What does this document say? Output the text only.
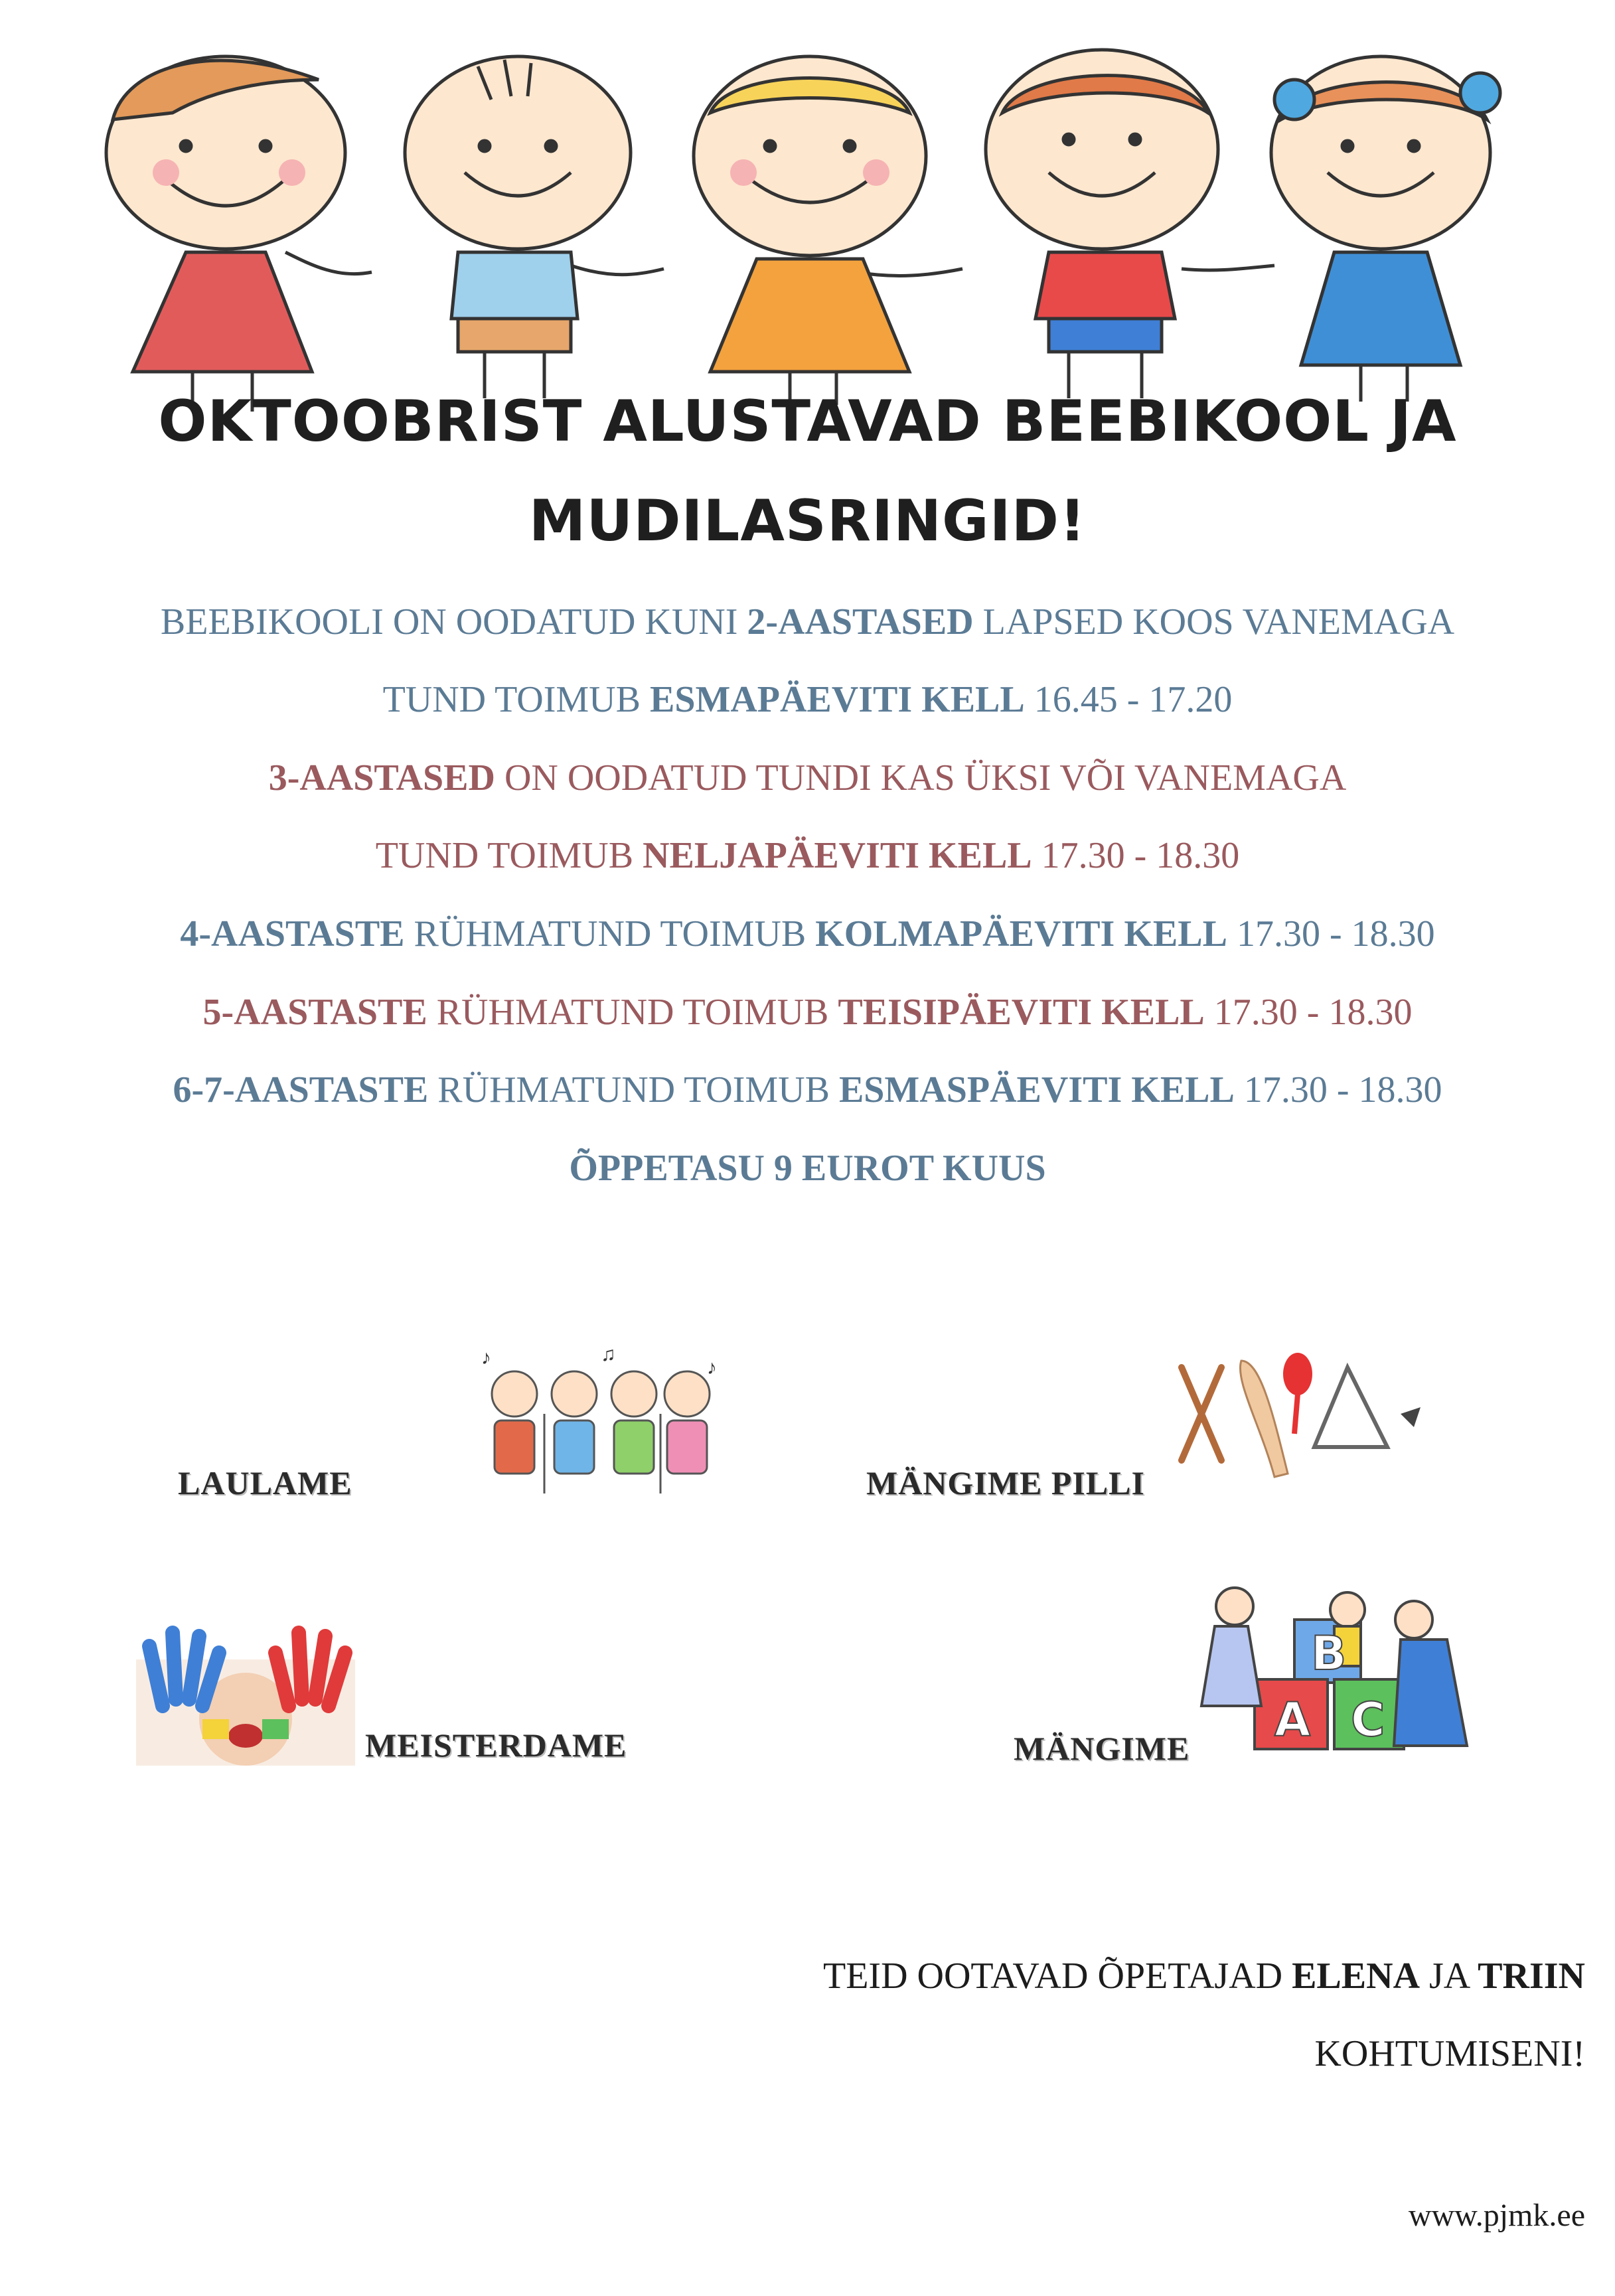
OKTOOBRIST ALUSTAVAD BEEBIKOOL JA
MUDILASRINGID!
BEEBIKOOLI ON OODATUD KUNI 2-AASTASED LAPSED KOOS VANEMAGA
TUND TOIMUB ESMAPÄEVITI KELL 16.45 - 17.20
3-AASTASED ON OODATUD TUNDI KAS ÜKSI VÕI VANEMAGA
TUND TOIMUB NELJAPÄEVITI KELL 17.30 - 18.30
4-AASTASTE RÜHMATUND TOIMUB KOLMAPÄEVITI KELL 17.30 - 18.30
5-AASTASTE RÜHMATUND TOIMUB TEISIPÄEVITI KELL 17.30 - 18.30
6-7-AASTASTE RÜHMATUND TOIMUB ESMASPÄEVITI KELL 17.30 - 18.30
ÕPPETASU 9 EUROT KUUS
LAULAME
♪	♫
♪
MÄNGIME PILLI
MEISTERDAME	MÄNGIME
B
A C
TEID OOTAVAD ÕPETAJAD ELENA JA TRIIN
KOHTUMISENI!
www.pjmk.ee
